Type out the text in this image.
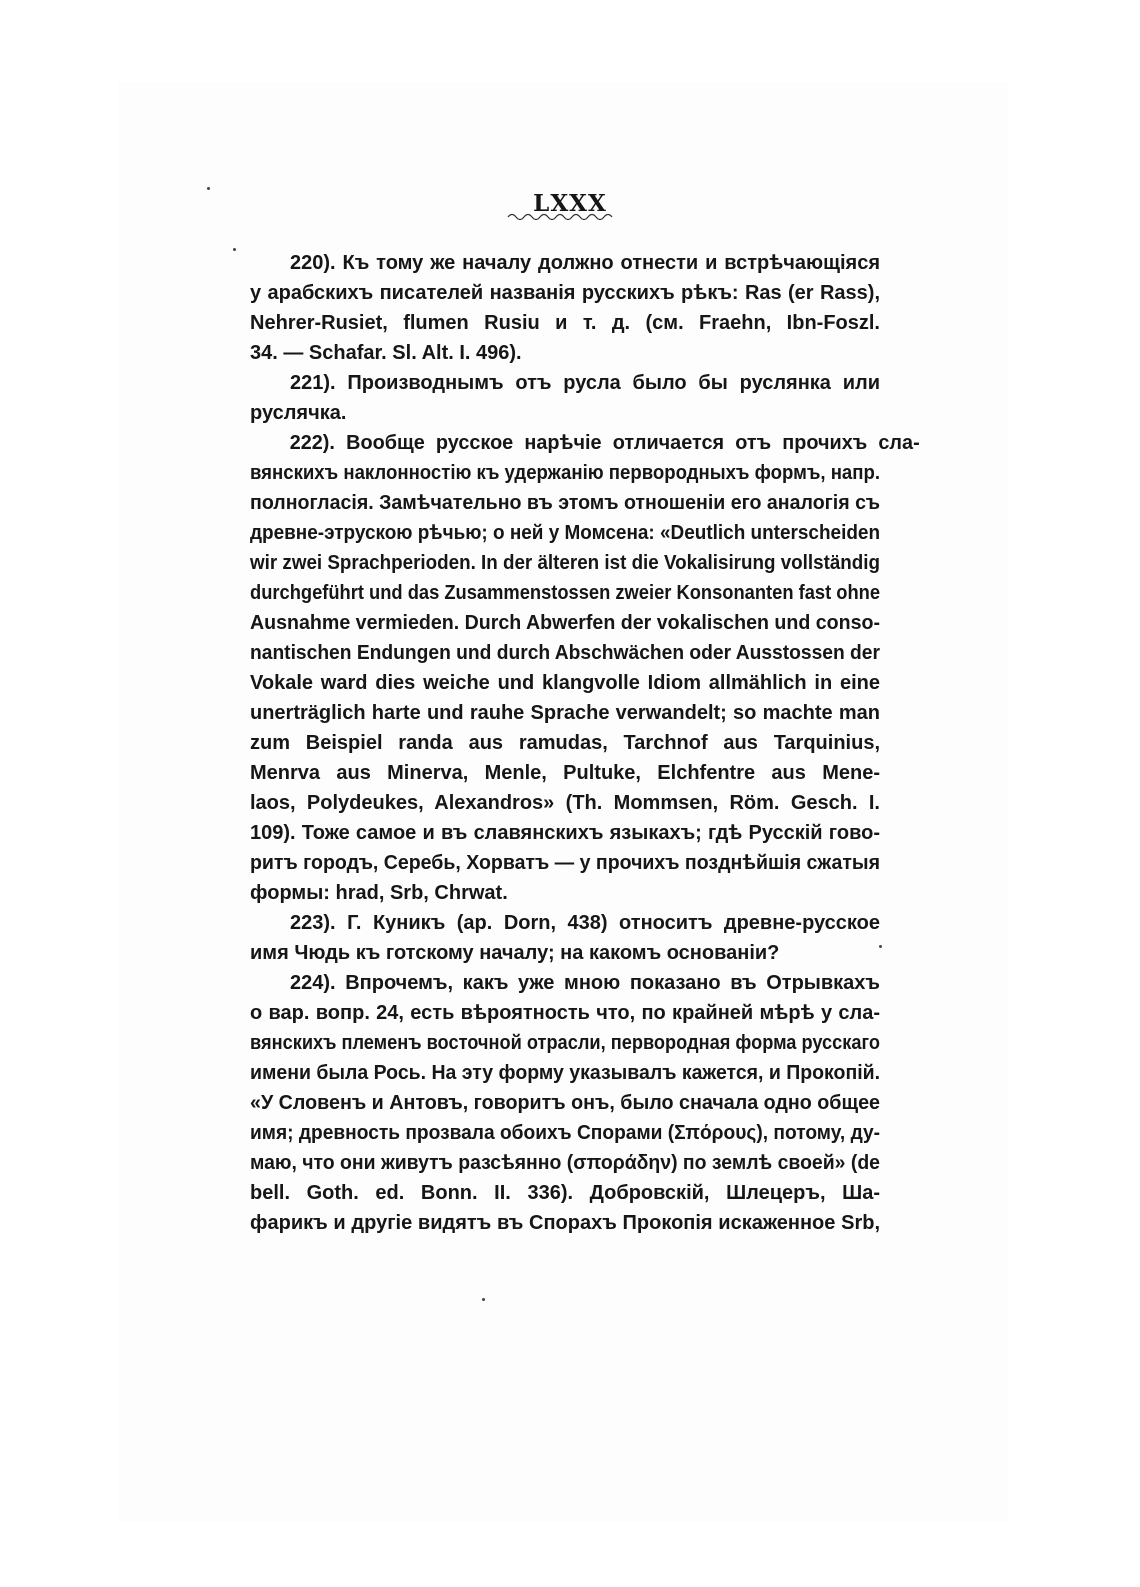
LXXX
220). Къ тому же началу должно отнести и встрѣчающіяся
у арабскихъ писателей названія русскихъ рѣкъ: Ras (er Rass),
Nehrer-Rusiet, flumen Rusiu и т. д. (см. Fraehn, Ibn-Foszl.
34. — Schafar. Sl. Alt. I. 496).
221). Производнымъ отъ русла было бы руслянка или
руслячка.
222). Вообще русское нарѣчіе отличается отъ прочихъ сла-
вянскихъ наклонностію къ удержанію первородныхъ формъ, напр.
полногласія. Замѣчательно въ этомъ отношеніи его аналогія съ
древне-этрускою рѣчью; о ней у Момсена: «Deutlich unterscheiden
wir zwei Sprachperioden. In der älteren ist die Vokalisirung vollständig
durchgeführt und das Zusammenstossen zweier Konsonanten fast ohne
Ausnahme vermieden. Durch Abwerfen der vokalischen und conso-
nantischen Endungen und durch Abschwächen oder Ausstossen der
Vokale ward dies weiche und klangvolle Idiom allmählich in eine
unerträglich harte und rauhe Sprache verwandelt; so machte man
zum Beispiel randa aus ramudas, Tarchnof aus Tarquinius,
Menrva aus Minerva, Menle, Pultuke, Elchfentre aus Mene-
laos, Polydeukes, Alexandros» (Th. Mommsen, Röm. Gesch. I.
109). Тоже самое и въ славянскихъ языкахъ; гдѣ Русскій гово-
ритъ городъ, Серебь, Хорватъ — у прочихъ позднѣйшія сжатыя
формы: hrad, Srb, Chrwat.
223). Г. Куникъ (ap. Dorn, 438) относитъ древне-русское
имя Чюдь къ готскому началу; на какомъ основаніи?
224). Впрочемъ, какъ уже мною показано въ Отрывкахъ
о вар. вопр. 24, есть вѣроятность что, по крайней мѣрѣ у сла-
вянскихъ племенъ восточной отрасли, первородная форма русскаго
имени была Рось. На эту форму указывалъ кажется, и Прокопій.
«У Словенъ и Антовъ, говоритъ онъ, было сначала одно общее
имя; древность прозвала обоихъ Спорами (Σπόρους), потому, ду-
маю, что они живутъ разсѣянно (σποράδην) по землѣ своей» (de
bell. Goth. ed. Bonn. II. 336). Добровскій, Шлецеръ, Ша-
фарикъ и другіе видятъ въ Спорахъ Прокопія искаженное Srb,
